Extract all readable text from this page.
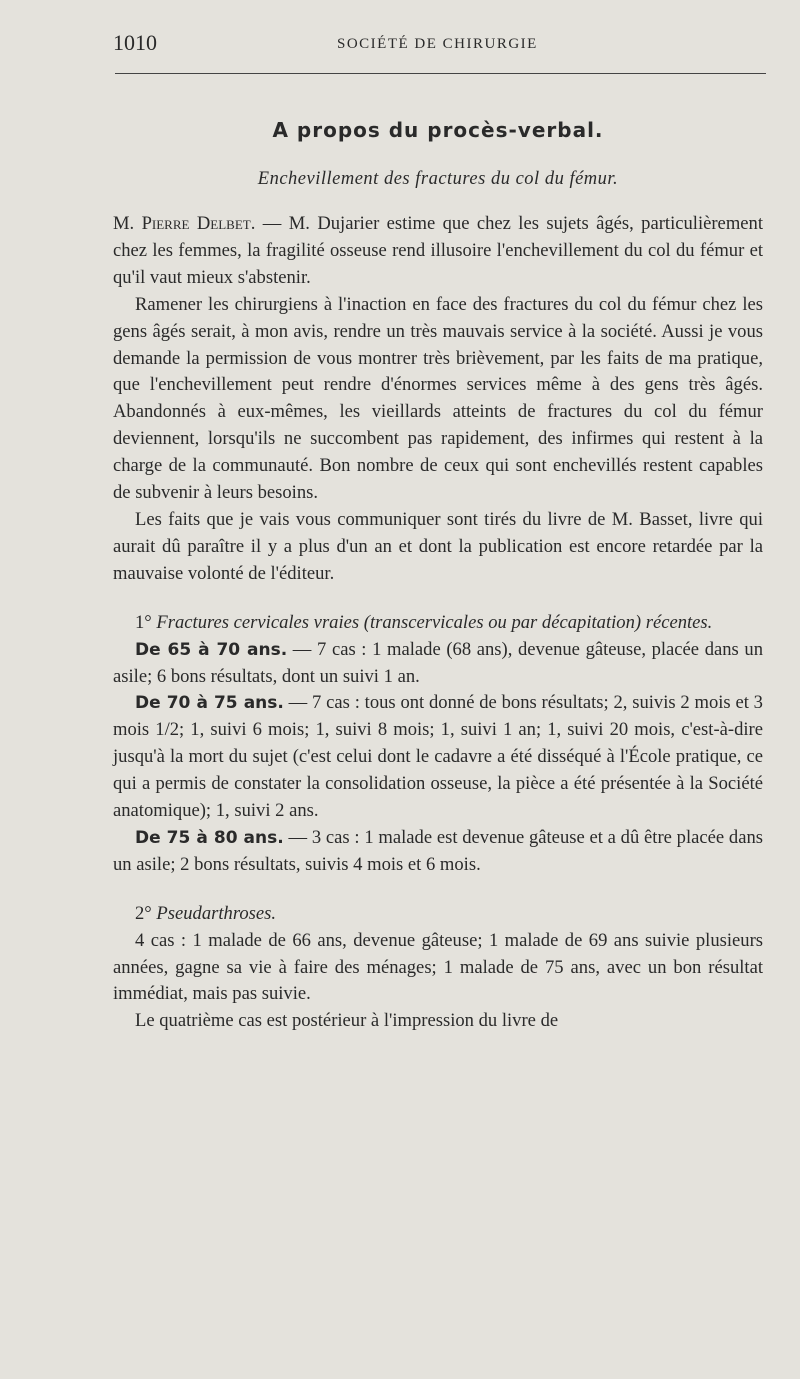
1010	SOCIÉTÉ DE CHIRURGIE
A propos du procès-verbal.
Enchevillement des fractures du col du fémur.

M. Pierre Delbet. — M. Dujarier estime que chez les sujets âgés, particulièrement chez les femmes, la fragilité osseuse rend illusoire l'enchevillement du col du fémur et qu'il vaut mieux s'abstenir.

Ramener les chirurgiens à l'inaction en face des fractures du col du fémur chez les gens âgés serait, à mon avis, rendre un très mauvais service à la société. Aussi je vous demande la permission de vous montrer très brièvement, par les faits de ma pratique, que l'enchevillement peut rendre d'énormes services même à des gens très âgés. Abandonnés à eux-mêmes, les vieillards atteints de fractures du col du fémur deviennent, lorsqu'ils ne succombent pas rapidement, des infirmes qui restent à la charge de la communauté. Bon nombre de ceux qui sont enchevillés restent capables de subvenir à leurs besoins.

Les faits que je vais vous communiquer sont tirés du livre de M. Basset, livre qui aurait dû paraître il y a plus d'un an et dont la publication est encore retardée par la mauvaise volonté de l'éditeur.

1° Fractures cervicales vraies (transcervicales ou par décapitation) récentes.

De 65 à 70 ans. — 7 cas : 1 malade (68 ans), devenue gâteuse, placée dans un asile; 6 bons résultats, dont un suivi 1 an.

De 70 à 75 ans. — 7 cas : tous ont donné de bons résultats; 2, suivis 2 mois et 3 mois 1/2; 1, suivi 6 mois; 1, suivi 8 mois; 1, suivi 1 an; 1, suivi 20 mois, c'est-à-dire jusqu'à la mort du sujet (c'est celui dont le cadavre a été disséqué à l'École pratique, ce qui a permis de constater la consolidation osseuse, la pièce a été présentée à la Société anatomique); 1, suivi 2 ans.

De 75 à 80 ans. — 3 cas : 1 malade est devenue gâteuse et a dû être placée dans un asile; 2 bons résultats, suivis 4 mois et 6 mois.

2° Pseudarthroses.

4 cas : 1 malade de 66 ans, devenue gâteuse; 1 malade de 69 ans suivie plusieurs années, gagne sa vie à faire des ménages; 1 malade de 75 ans, avec un bon résultat immédiat, mais pas suivie.

Le quatrième cas est postérieur à l'impression du livre de
